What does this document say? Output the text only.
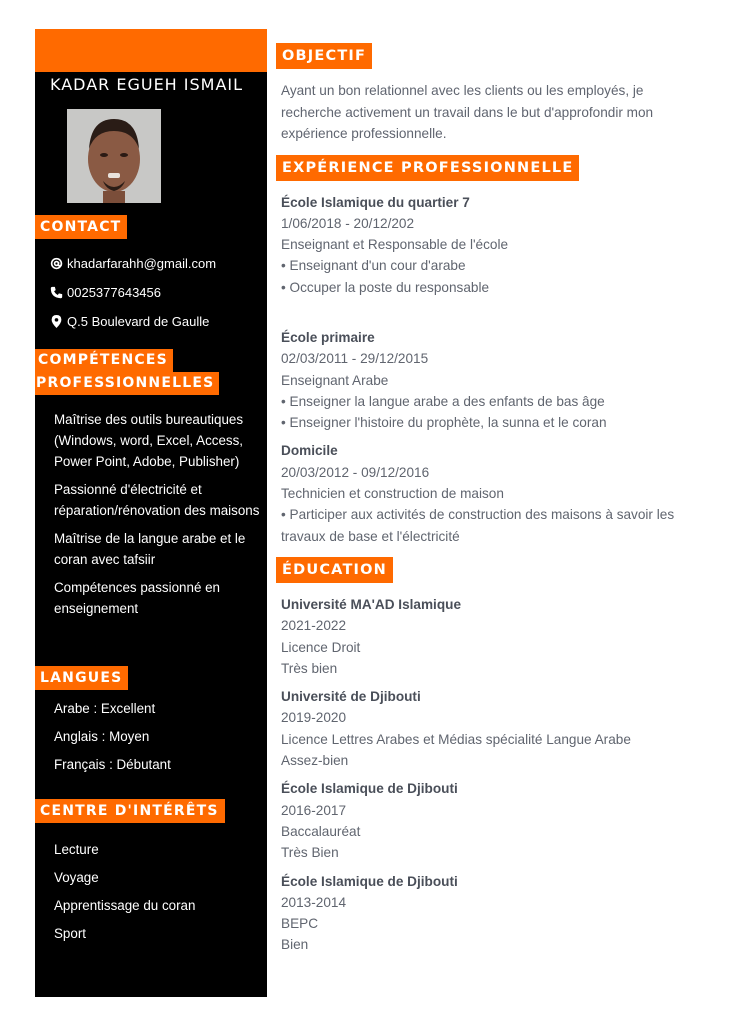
KADAR EGUEH ISMAIL
CONTACT
khadarfarahh@gmail.com
0025377643456
Q.5 Boulevard de Gaulle
COMPÉTENCES
PROFESSIONNELLES
Maîtrise des outils bureautiques (Windows, word, Excel, Access, Power Point, Adobe, Publisher)
Passionné d'électricité et réparation/rénovation des maisons
Maîtrise de la langue arabe et le coran avec tafsiir
Compétences passionné en enseignement
LANGUES
Arabe : Excellent
Anglais : Moyen
Français : Débutant
CENTRE D'INTÉRÊTS
Lecture
Voyage
Apprentissage du coran
Sport
OBJECTIF
Ayant un bon relationnel avec les clients ou les employés, je recherche activement un travail dans le but d'approfondir mon expérience professionnelle.
EXPÉRIENCE PROFESSIONNELLE
École Islamique du quartier 7
1/06/2018 - 20/12/202
Enseignant et Responsable de l'école
• Enseignant d'un cour d'arabe
• Occuper la poste du responsable
École primaire
02/03/2011 - 29/12/2015
Enseignant Arabe
• Enseigner la langue arabe a des enfants de bas âge
• Enseigner l'histoire du prophète, la sunna et le coran
Domicile
20/03/2012 - 09/12/2016
Technicien et construction de maison
• Participer aux activités de construction des maisons à savoir les travaux de base et l'électricité
ÉDUCATION
Université MA'AD Islamique
2021-2022
Licence Droit
Très bien
Université de Djibouti
2019-2020
Licence Lettres Arabes et Médias spécialité Langue Arabe
Assez-bien
École Islamique de Djibouti
2016-2017
Baccalauréat
Très Bien
École Islamique de Djibouti
2013-2014
BEPC
Bien
